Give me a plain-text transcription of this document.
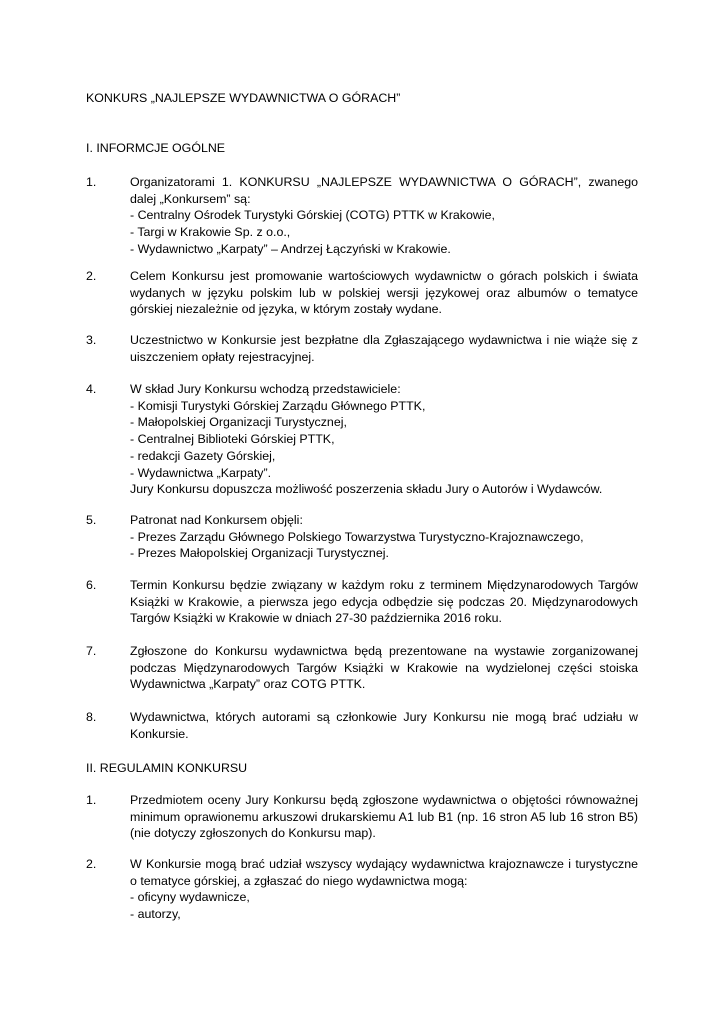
KONKURS „NAJLEPSZE WYDAWNICTWA O GÓRACH”
I. INFORMCJE OGÓLNE
1.	Organizatorami 1. KONKURSU „NAJLEPSZE WYDAWNICTWA O GÓRACH”, zwanego dalej „Konkursem” są:
- Centralny Ośrodek Turystyki Górskiej (COTG) PTTK w Krakowie,
- Targi w Krakowie Sp. z o.o.,
- Wydawnictwo „Karpaty” – Andrzej Łączyński w Krakowie.
2.	Celem Konkursu jest promowanie wartościowych wydawnictw o górach polskich i świata wydanych w języku polskim lub w polskiej wersji językowej oraz albumów o tematyce górskiej niezależnie od języka, w którym zostały wydane.
3.	Uczestnictwo w Konkursie jest bezpłatne dla Zgłaszającego wydawnictwa i nie wiąże się z uiszczeniem opłaty rejestracyjnej.
4.	W skład Jury Konkursu wchodzą przedstawiciele:
- Komisji Turystyki Górskiej Zarządu Głównego PTTK,
- Małopolskiej Organizacji Turystycznej,
- Centralnej Biblioteki Górskiej PTTK,
- redakcji Gazety Górskiej,
- Wydawnictwa „Karpaty”.
Jury Konkursu dopuszcza możliwość poszerzenia składu Jury o Autorów i Wydawców.
5.	Patronat nad Konkursem objęli:
- Prezes Zarządu Głównego Polskiego Towarzystwa Turystyczno-Krajoznawczego,
- Prezes Małopolskiej Organizacji Turystycznej.
6.	Termin Konkursu będzie związany w każdym roku z terminem Międzynarodowych Targów Książki w Krakowie, a pierwsza jego edycja odbędzie się podczas 20. Międzynarodowych Targów Książki w Krakowie w dniach 27-30 października 2016 roku.
7.	Zgłoszone do Konkursu wydawnictwa będą prezentowane na wystawie zorganizowanej podczas Międzynarodowych Targów Książki w Krakowie na wydzielonej części stoiska Wydawnictwa „Karpaty” oraz COTG PTTK.
8.	Wydawnictwa, których autorami są członkowie Jury Konkursu nie mogą brać udziału w Konkursie.
II. REGULAMIN KONKURSU
1.	Przedmiotem oceny Jury Konkursu będą zgłoszone wydawnictwa o objętości równoważnej minimum oprawionemu arkuszowi drukarskiemu A1 lub B1 (np. 16 stron A5 lub 16 stron B5) (nie dotyczy zgłoszonych do Konkursu map).
2.	W Konkursie mogą brać udział wszyscy wydający wydawnictwa krajoznawcze i turystyczne o tematyce górskiej, a zgłaszać do niego wydawnictwa mogą:
- oficyny wydawnicze,
- autorzy,
